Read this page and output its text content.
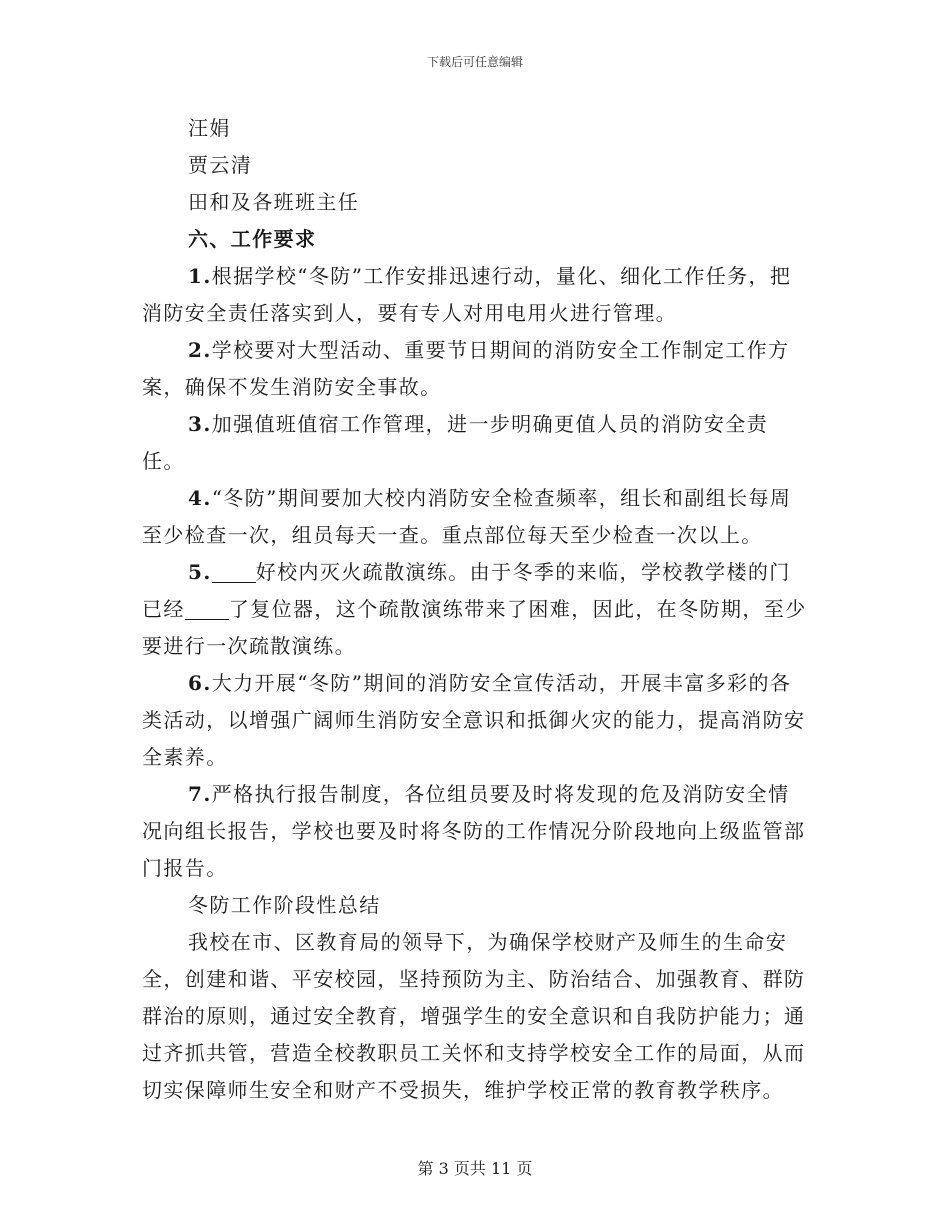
下载后可任意编辑

汪娟

贾云清

田和及各班班主任

六、工作要求

1.根据学校“冬防”工作安排迅速行动，量化、细化工作任务，把消防安全责任落实到人，要有专人对用电用火进行管理。

2.学校要对大型活动、重要节日期间的消防安全工作制定工作方案，确保不发生消防安全事故。

3.加强值班值宿工作管理，进一步明确更值人员的消防安全责任。

4.“冬防”期间要加大校内消防安全检查频率，组长和副组长每周至少检查一次，组员每天一查。重点部位每天至少检查一次以上。

5. 好校内灭火疏散演练。由于冬季的来临，学校教学楼的门已经 了复位器，这个疏散演练带来了困难，因此，在冬防期，至少要进行一次疏散演练。

6.大力开展“冬防”期间的消防安全宣传活动，开展丰富多彩的各类活动，以增强广阔师生消防安全意识和抵御火灾的能力，提高消防安全素养。

7.严格执行报告制度，各位组员要及时将发现的危及消防安全情况向组长报告，学校也要及时将冬防的工作情况分阶段地向上级监管部门报告。

冬防工作阶段性总结

我校在市、区教育局的领导下，为确保学校财产及师生的生命安全，创建和谐、平安校园，坚持预防为主、防治结合、加强教育、群防群治的原则，通过安全教育，增强学生的安全意识和自我防护能力；通过齐抓共管，营造全校教职员工关怀和支持学校安全工作的局面，从而切实保障师生安全和财产不受损失，维护学校正常的教育教学秩序。

第 3 页共 11 页
